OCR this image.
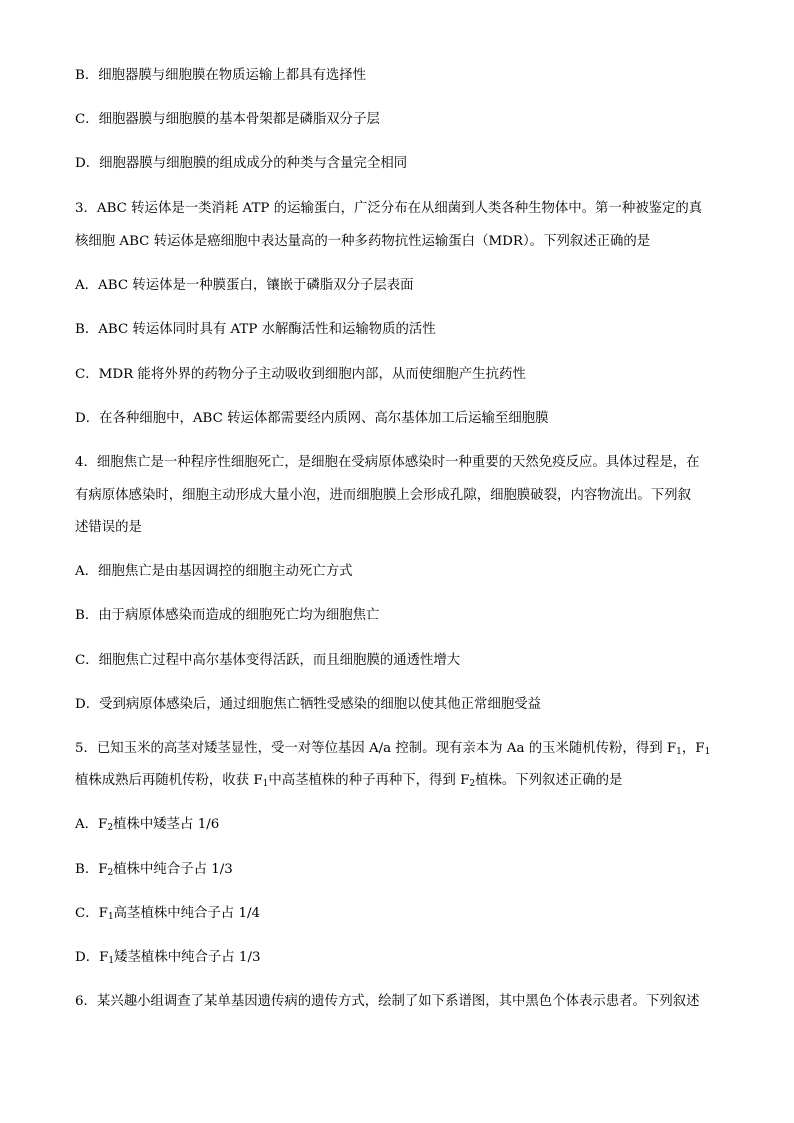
B．细胞器膜与细胞膜在物质运输上都具有选择性
C．细胞器膜与细胞膜的基本骨架都是磷脂双分子层
D．细胞器膜与细胞膜的组成成分的种类与含量完全相同
3．ABC 转运体是一类消耗 ATP 的运输蛋白，广泛分布在从细菌到人类各种生物体中。第一种被鉴定的真
核细胞 ABC 转运体是癌细胞中表达量高的一种多药物抗性运输蛋白（MDR）。下列叙述正确的是
A．ABC 转运体是一种膜蛋白，镶嵌于磷脂双分子层表面
B．ABC 转运体同时具有 ATP 水解酶活性和运输物质的活性
C．MDR 能将外界的药物分子主动吸收到细胞内部，从而使细胞产生抗药性
D．在各种细胞中，ABC 转运体都需要经内质网、高尔基体加工后运输至细胞膜
4．细胞焦亡是一种程序性细胞死亡，是细胞在受病原体感染时一种重要的天然免疫反应。具体过程是，在
有病原体感染时，细胞主动形成大量小泡，进而细胞膜上会形成孔隙，细胞膜破裂，内容物流出。下列叙
述错误的是
A．细胞焦亡是由基因调控的细胞主动死亡方式
B．由于病原体感染而造成的细胞死亡均为细胞焦亡
C．细胞焦亡过程中高尔基体变得活跃，而且细胞膜的通透性增大
D．受到病原体感染后，通过细胞焦亡牺牲受感染的细胞以使其他正常细胞受益
5．已知玉米的高茎对矮茎显性，受一对等位基因 A/a 控制。现有亲本为 Aa 的玉米随机传粉，得到 $F_1$，$F_1$
植株成熟后再随机传粉，收获 $F_1$中高茎植株的种子再种下，得到 $F_2$植株。下列叙述正确的是
A．$F_2$植株中矮茎占 1/6
B．$F_2$植株中纯合子占 1/3
C．$F_1$高茎植株中纯合子占 1/4
D．$F_1$矮茎植株中纯合子占 1/3
6．某兴趣小组调查了某单基因遗传病的遗传方式，绘制了如下系谱图，其中黑色个体表示患者。下列叙述
